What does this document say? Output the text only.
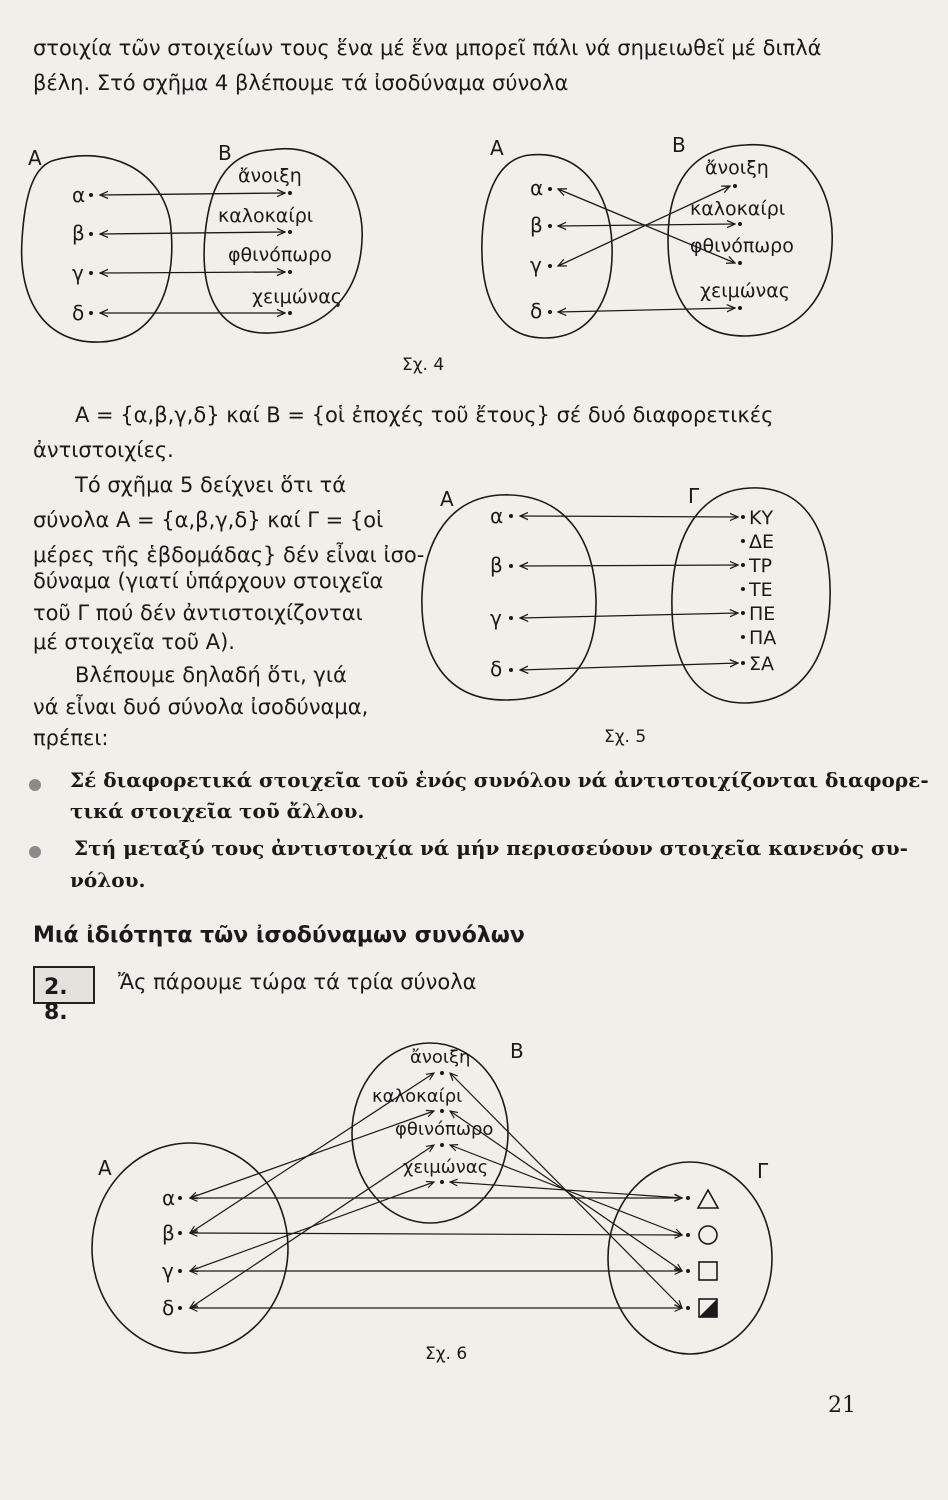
στοιχία τῶν στοιχείων τους ἕνα μέ ἕνα μπορεῖ πάλι νά σημειωθεῖ μέ διπλά
βέλη. Στό σχῆμα 4 βλέπουμε τά ἰσοδύναμα σύνολα
Α	Β
α
β
γ
δ
ἄνοιξη
καλοκαίρι
φθινόπωρο
χειμώνας
Α	Β
α
β
γ
δ
ἄνοιξη
καλοκαίρι
φθινόπωρο
χειμώνας
Σχ. 4
Α = {α,β,γ,δ} καί Β = {οἱ ἐποχές τοῦ ἔτους} σέ δυό διαφορετικές
ἀντιστοιχίες.
Τό σχῆμα 5 δείχνει ὅτι τά
σύνολα Α = {α,β,γ,δ} καί Γ = {οἱ
μέρες τῆς ἑβδομάδας} δέν εἶναι ἰσο-
δύναμα (γιατί ὑπάρχουν στοιχεῖα
τοῦ Γ πού δέν ἀντιστοιχίζονται
μέ στοιχεῖα τοῦ Α).
Βλέπουμε δηλαδή ὅτι, γιά
νά εἶναι δυό σύνολα ἰσοδύναμα,
πρέπει:
Α	Γ
α
β
γ
δ
ΚΥ
ΔΕ
ΤΡ
ΤΕ
ΠΕ
ΠΑ
ΣΑ
Σχ. 5
Σέ διαφορετικά στοιχεῖα τοῦ ἑνός συνόλου νά ἀντιστοιχίζονται διαφορε-
τικά στοιχεῖα τοῦ ἄλλου.
Στή μεταξύ τους ἀντιστοιχία νά μήν περισσεύουν στοιχεῖα κανενός συ-
νόλου.
Μιά ἰδιότητα τῶν ἰσοδύναμων συνόλων
2. 8.
Ἄς πάρουμε τώρα τά τρία σύνολα
Α
Β
Γ
α
β
γ
δ
ἄνοιξη
καλοκαίρι
φθινόπωρο
χειμώνας
Σχ. 6
21
